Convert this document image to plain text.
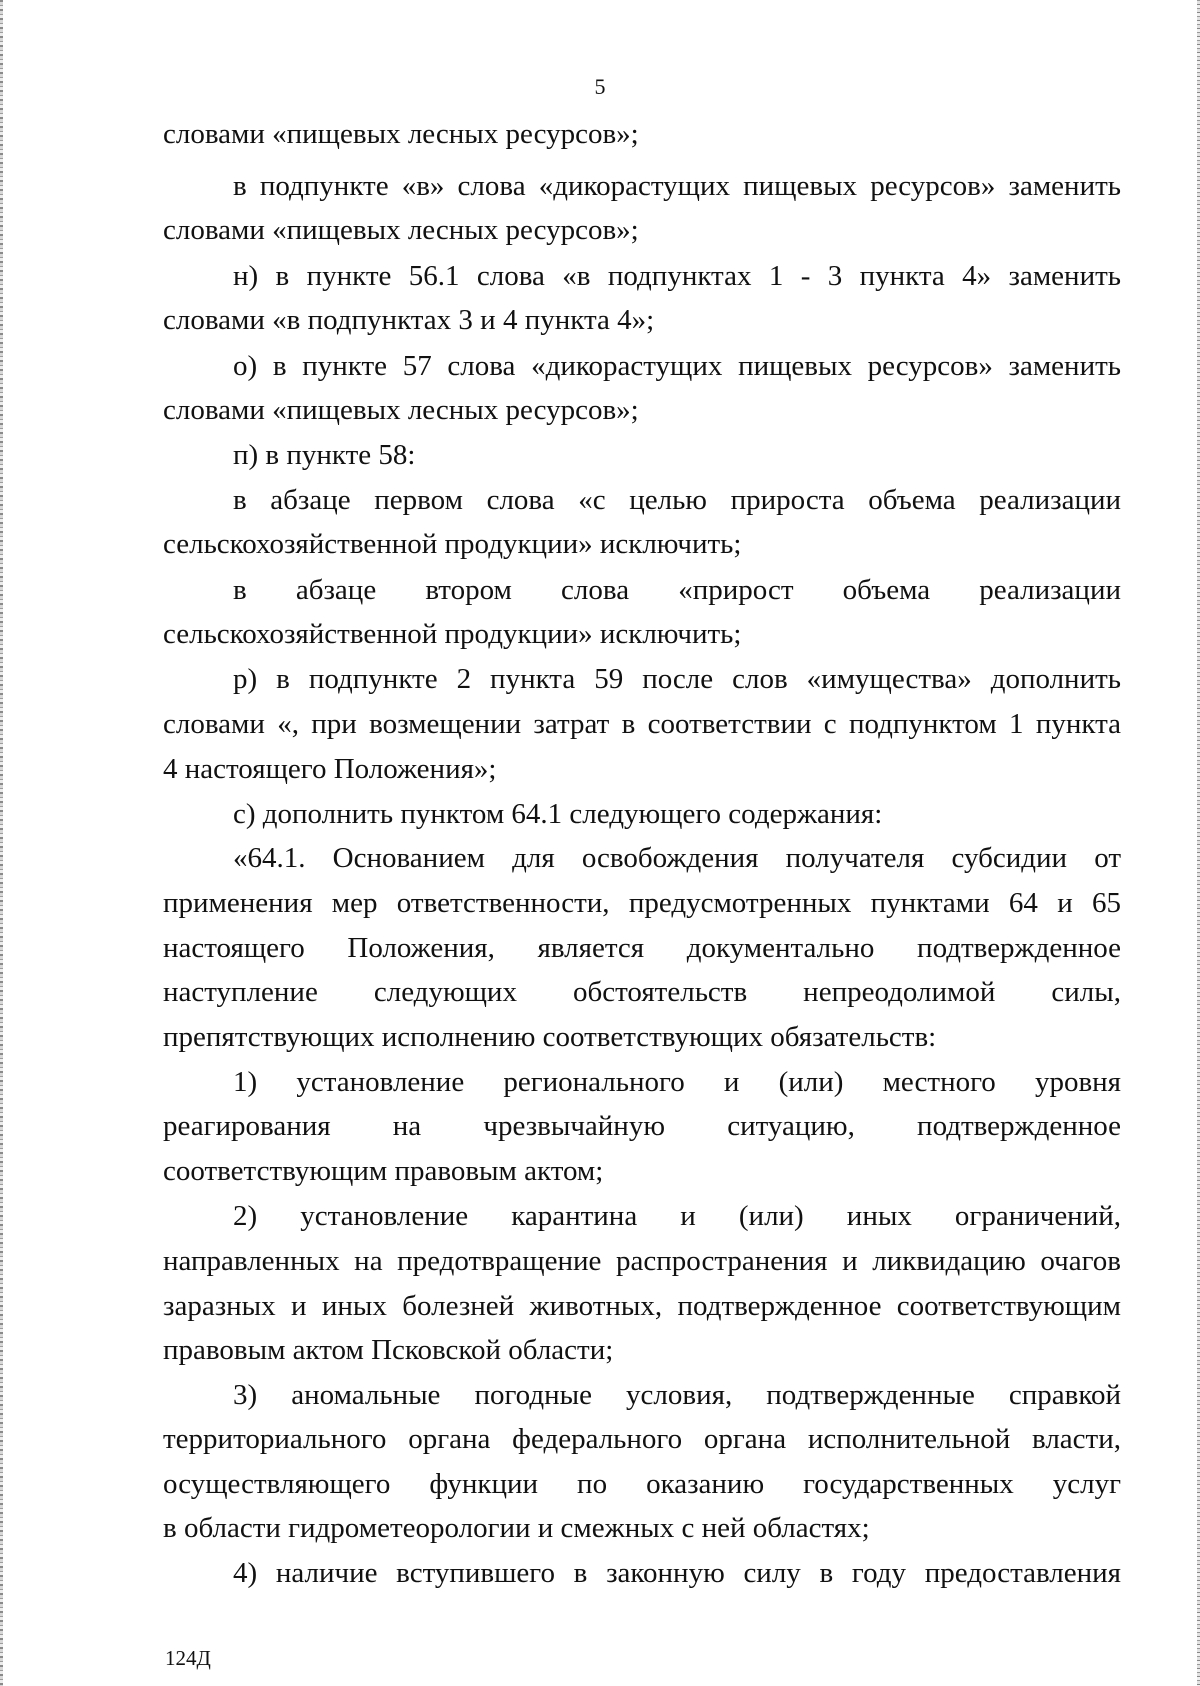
5
словами «пищевых лесных ресурсов»;
в подпункте «в» слова «дикорастущих пищевых ресурсов» заменить
словами «пищевых лесных ресурсов»;
н) в пункте 56.1 слова «в подпунктах 1 - 3 пункта 4» заменить
словами «в подпунктах 3 и 4 пункта 4»;
о) в пункте 57 слова «дикорастущих пищевых ресурсов» заменить
словами «пищевых лесных ресурсов»;
п) в пункте 58:
в абзаце первом слова «с целью прироста объема реализации
сельскохозяйственной продукции» исключить;
в абзаце втором слова «прирост объема реализации
сельскохозяйственной продукции» исключить;
р) в подпункте 2 пункта 59 после слов «имущества» дополнить
словами «, при возмещении затрат в соответствии с подпунктом 1 пункта
4 настоящего Положения»;
с) дополнить пунктом 64.1 следующего содержания:
«64.1. Основанием для освобождения получателя субсидии от
применения мер ответственности, предусмотренных пунктами 64 и 65
настоящего Положения, является документально подтвержденное
наступление следующих обстоятельств непреодолимой силы,
препятствующих исполнению соответствующих обязательств:
1) установление регионального и (или) местного уровня
реагирования на чрезвычайную ситуацию, подтвержденное
соответствующим правовым актом;
2) установление карантина и (или) иных ограничений,
направленных на предотвращение распространения и ликвидацию очагов
заразных и иных болезней животных, подтвержденное соответствующим
правовым актом Псковской области;
3) аномальные погодные условия, подтвержденные справкой
территориального органа федерального органа исполнительной власти,
осуществляющего функции по оказанию государственных услуг
в области гидрометеорологии и смежных с ней областях;
4) наличие вступившего в законную силу в году предоставления
124Д
